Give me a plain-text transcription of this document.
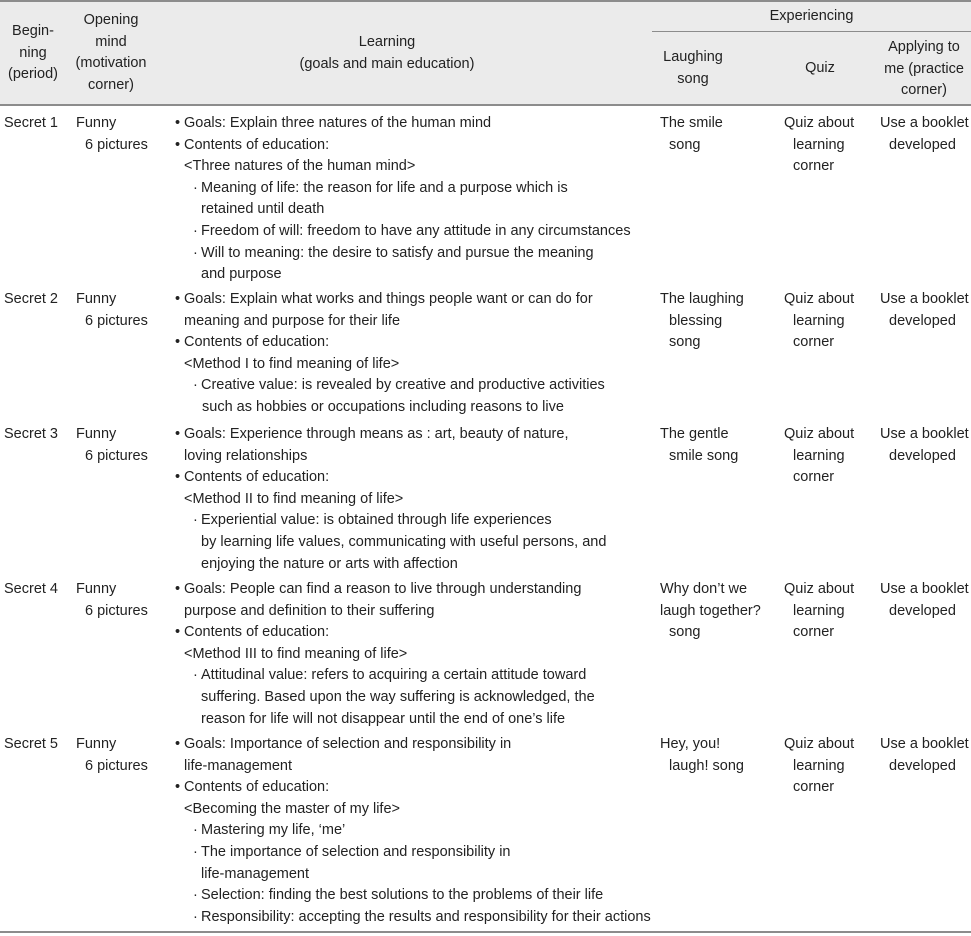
Begin-
ning
(period)
Opening
mind
(motivation
corner)
Learning
(goals and main education)
Experiencing
Laughing
song
Quiz
Applying to
me (practice
corner)
Secret 1 Funny
6 pictures
• Goals: Explain three natures of the human mind
• Contents of education:
<Three natures of the human mind>
· Meaning of life: the reason for life and a purpose which is
retained until death
· Freedom of will: freedom to have any attitude in any circumstances
· Will to meaning: the desire to satisfy and pursue the meaning
and purpose
The smile
song
Quiz about
learning
corner
Use a booklet
developed
Secret 2 Funny
6 pictures
• Goals: Explain what works and things people want or can do for
meaning and purpose for their life
• Contents of education:
<Method I to find meaning of life>
· Creative value: is revealed by creative and productive activities
such as hobbies or occupations including reasons to live
The laughing
blessing
song
Quiz about
learning
corner
Use a booklet
developed
Secret 3 Funny
6 pictures
• Goals: Experience through means as : art, beauty of nature,
loving relationships
• Contents of education:
<Method II to find meaning of life>
· Experiential value: is obtained through life experiences
by learning life values, communicating with useful persons, and
enjoying the nature or arts with affection
The gentle
smile song
Quiz about
learning
corner
Use a booklet
developed
Secret 4 Funny
6 pictures
• Goals: People can find a reason to live through understanding
purpose and definition to their suffering
• Contents of education:
<Method III to find meaning of life>
· Attitudinal value: refers to acquiring a certain attitude toward
suffering. Based upon the way suffering is acknowledged, the
reason for life will not disappear until the end of one’s life
Why don’t we
laugh together?
song
Quiz about
learning
corner
Use a booklet
developed
Secret 5 Funny
6 pictures
• Goals: Importance of selection and responsibility in
life-management
• Contents of education:
<Becoming the master of my life>
· Mastering my life, ‘me’
· The importance of selection and responsibility in
life-management
· Selection: finding the best solutions to the problems of their life
· Responsibility: accepting the results and responsibility for their actions
Hey, you!
laugh! song
Quiz about
learning
corner
Use a booklet
developed
